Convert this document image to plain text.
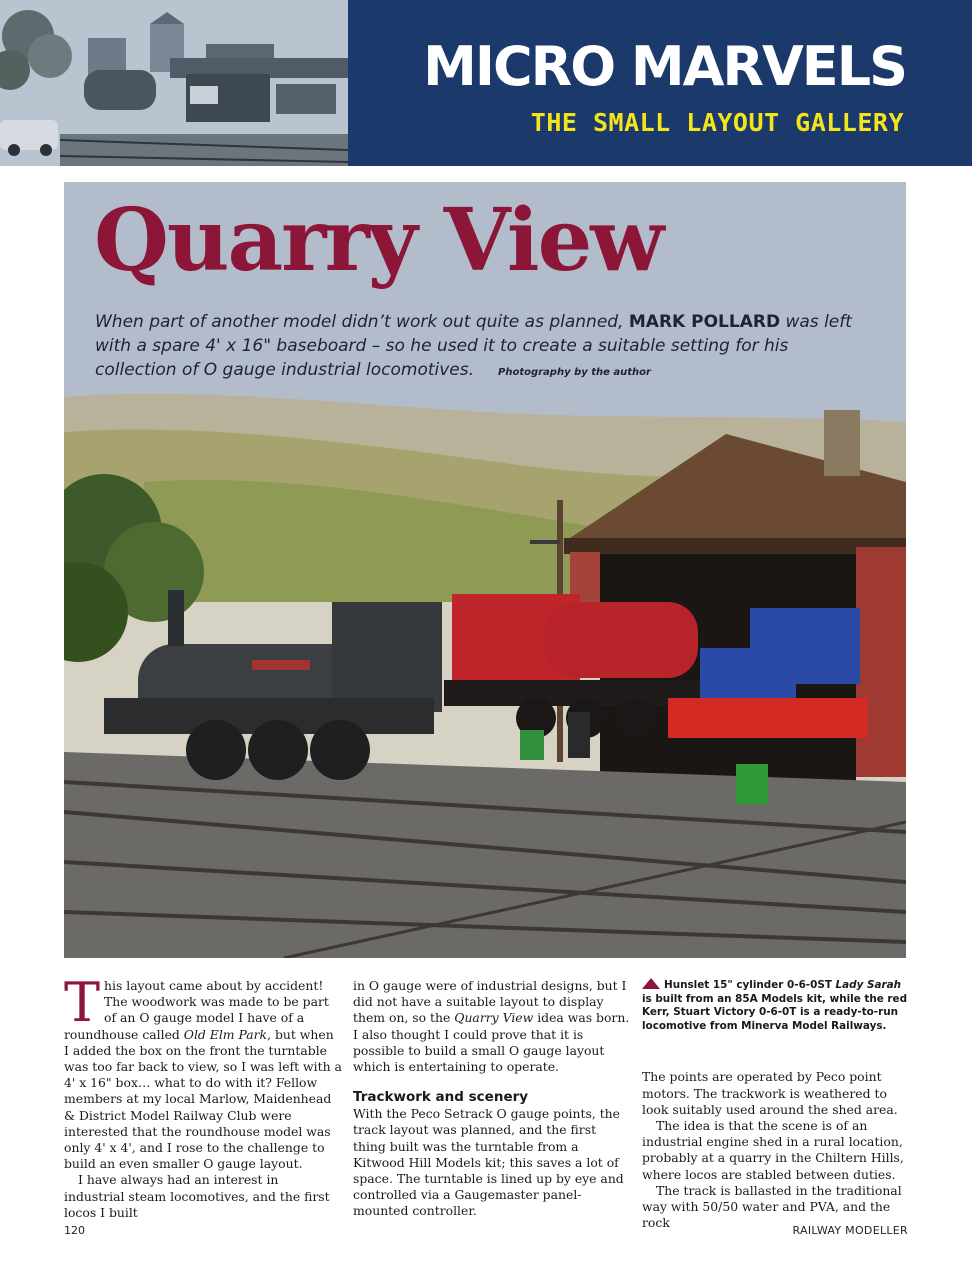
MICRO MARVELS
THE SMALL LAYOUT GALLERY
Quarry View
When part of another model didn’t work out quite as planned, MARK POLLARD was left with a spare 4' x 16" baseboard – so he used it to create a suitable setting for his collection of O gauge industrial locomotives.	Photography by the author

This layout came about by accident! The woodwork was made to be part of an O gauge model I have of a roundhouse called Old Elm Park, but when I added the box on the front the turntable was too far back to view, so I was left with a 4' x 16" box… what to do with it? Fellow members at my local Marlow, Maidenhead & District Model Railway Club were interested that the roundhouse model was only 4' x 4', and I rose to the challenge to build an even smaller O gauge layout.

I have always had an interest in industrial steam locomotives, and the first locos I built

in O gauge were of industrial designs, but I did not have a suitable layout to display them on, so the Quarry View idea was born. I also thought I could prove that it is possible to build a small O gauge layout which is entertaining to operate.

Trackwork and scenery

With the Peco Setrack O gauge points, the track layout was planned, and the first thing built was the turntable from a Kitwood Hill Models kit; this saves a lot of space. The turntable is lined up by eye and controlled via a Gaugemaster panel-mounted controller.

Hunslet 15" cylinder 0-6-0ST Lady Sarah is built from an 85A Models kit, while the red Kerr, Stuart Victory 0-6-0T is a ready-to-run locomotive from Minerva Model Railways.

The points are operated by Peco point motors. The trackwork is weathered to look suitably used around the shed area.

The idea is that the scene is of an industrial engine shed in a rural location, probably at a quarry in the Chiltern Hills, where locos are stabled between duties.

The track is ballasted in the traditional way with 50/50 water and PVA, and the rock

120	RAILWAY MODELLER
